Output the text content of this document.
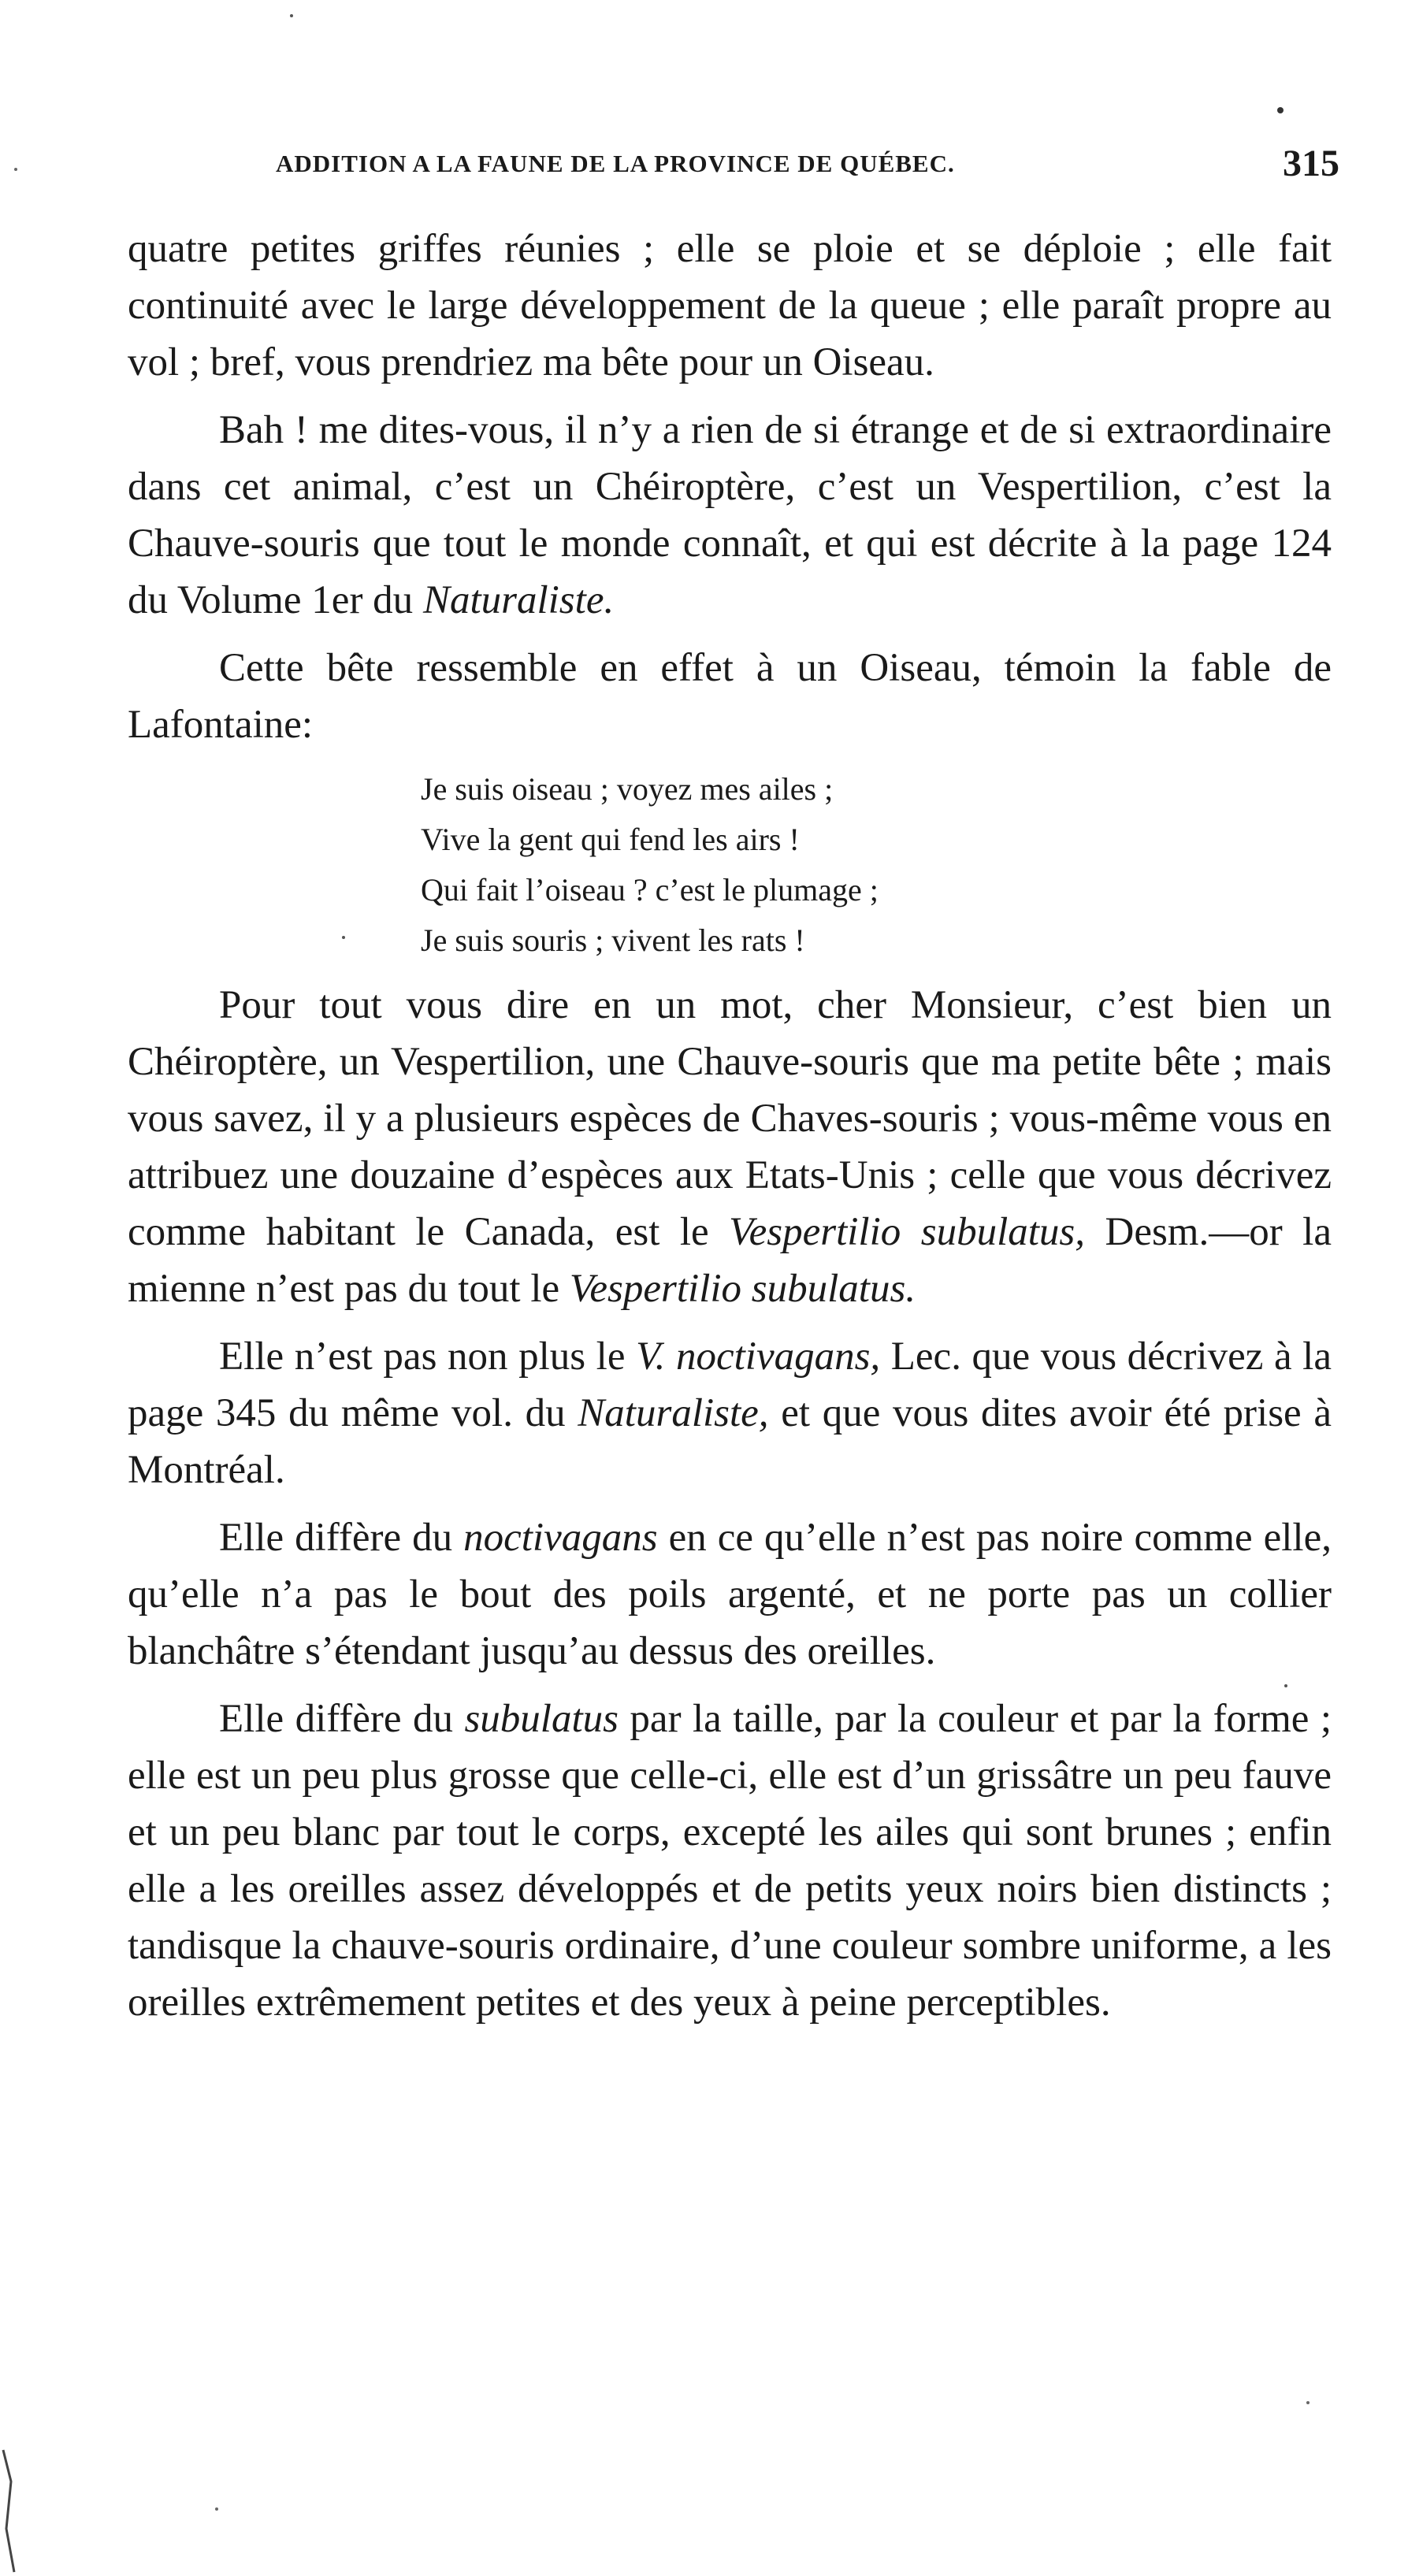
ADDITION A LA FAUNE DE LA PROVINCE DE QUÉBEC.	315

quatre petites griffes réunies ; elle se ploie et se déploie ; elle fait continuité avec le large développement de la queue ; elle paraît propre au vol ; bref, vous prendriez ma bête pour un Oiseau.

Bah ! me dites-vous, il n’y a rien de si étrange et de si extraordinaire dans cet animal, c’est un Chéiroptère, c’est un Vespertilion, c’est la Chauve-souris que tout le monde connaît, et qui est décrite à la page 124 du Volume 1er du Naturaliste.

Cette bête ressemble en effet à un Oiseau, témoin la fable de Lafontaine:

Je suis oiseau ; voyez mes ailes ;
Vive la gent qui fend les airs !
Qui fait l’oiseau ? c’est le plumage ;
Je suis souris ; vivent les rats !

Pour tout vous dire en un mot, cher Monsieur, c’est bien un Chéiroptère, un Vespertilion, une Chauve-souris que ma petite bête ; mais vous savez, il y a plusieurs espèces de Chaves-souris ; vous-même vous en attribuez une douzaine d’espèces aux Etats-Unis ; celle que vous décrivez comme habitant le Canada, est le Vespertilio subulatus, Desm.—or la mienne n’est pas du tout le Vespertilio subulatus.

Elle n’est pas non plus le V. noctivagans, Lec. que vous décrivez à la page 345 du même vol. du Naturaliste, et que vous dites avoir été prise à Montréal.

Elle diffère du noctivagans en ce qu’elle n’est pas noire comme elle, qu’elle n’a pas le bout des poils argenté, et ne porte pas un collier blanchâtre s’étendant jusqu’au dessus des oreilles.

Elle diffère du subulatus par la taille, par la couleur et par la forme ; elle est un peu plus grosse que celle-ci, elle est d’un grissâtre un peu fauve et un peu blanc par tout le corps, excepté les ailes qui sont brunes ; enfin elle a les oreilles assez développés et de petits yeux noirs bien distincts ; tandisque la chauve-souris ordinaire, d’une couleur sombre uniforme, a les oreilles extrêmement petites et des yeux à peine perceptibles.
